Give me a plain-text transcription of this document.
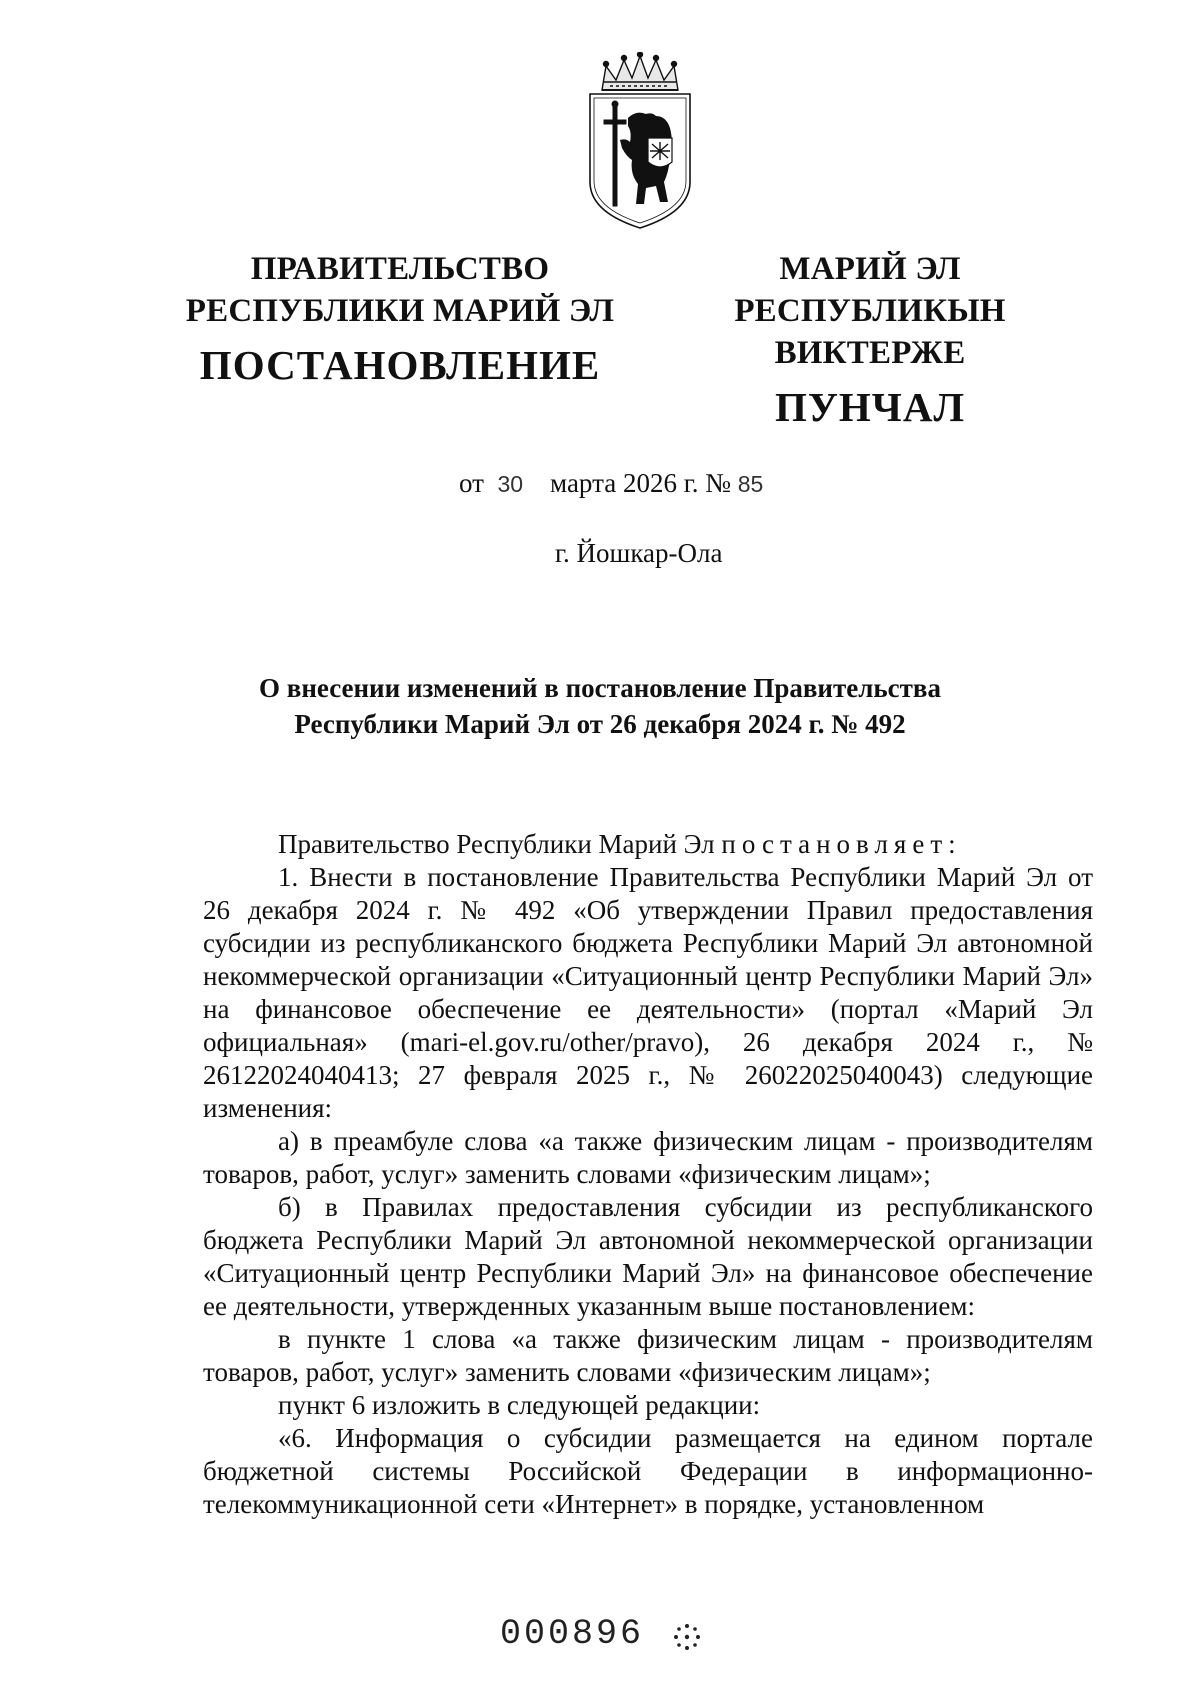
ПРАВИТЕЛЬСТВО
РЕСПУБЛИКИ МАРИЙ ЭЛ
ПОСТАНОВЛЕНИЕ
МАРИЙ ЭЛ РЕСПУБЛИКЫН
ВИКТЕРЖЕ
ПУНЧАЛ
от 30 марта 2026 г. № 85
г. Йошкар-Ола
О внесении изменений в постановление Правительства
Республики Марий Эл от 26 декабря 2024 г. № 492

Правительство Республики Марий Эл постановляет:

1. Внести в постановление Правительства Республики Марий Эл от 26 декабря 2024 г. № 492 «Об утверждении Правил предоставления субсидии из республиканского бюджета Республики Марий Эл автономной некоммерческой организации «Ситуационный центр Республики Марий Эл» на финансовое обеспечение ее деятельности» (портал «Марий Эл официальная» (mari-el.gov.ru/other/pravo), 26 декабря 2024 г., № 26122024040413; 27 февраля 2025 г., № 26022025040043) следующие изменения:

а) в преамбуле слова «а также физическим лицам - производителям товаров, работ, услуг» заменить словами «физическим лицам»;

б) в Правилах предоставления субсидии из республиканского бюджета Республики Марий Эл автономной некоммерческой организации «Ситуационный центр Республики Марий Эл» на финансовое обеспечение ее деятельности, утвержденных указанным выше постановлением:

в пункте 1 слова «а также физическим лицам - производителям товаров, работ, услуг» заменить словами «физическим лицам»;

пункт 6 изложить в следующей редакции:

«6. Информация о субсидии размещается на едином портале бюджетной системы Российской Федерации в информационно-телекоммуникационной сети «Интернет» в порядке, установленном

000896
